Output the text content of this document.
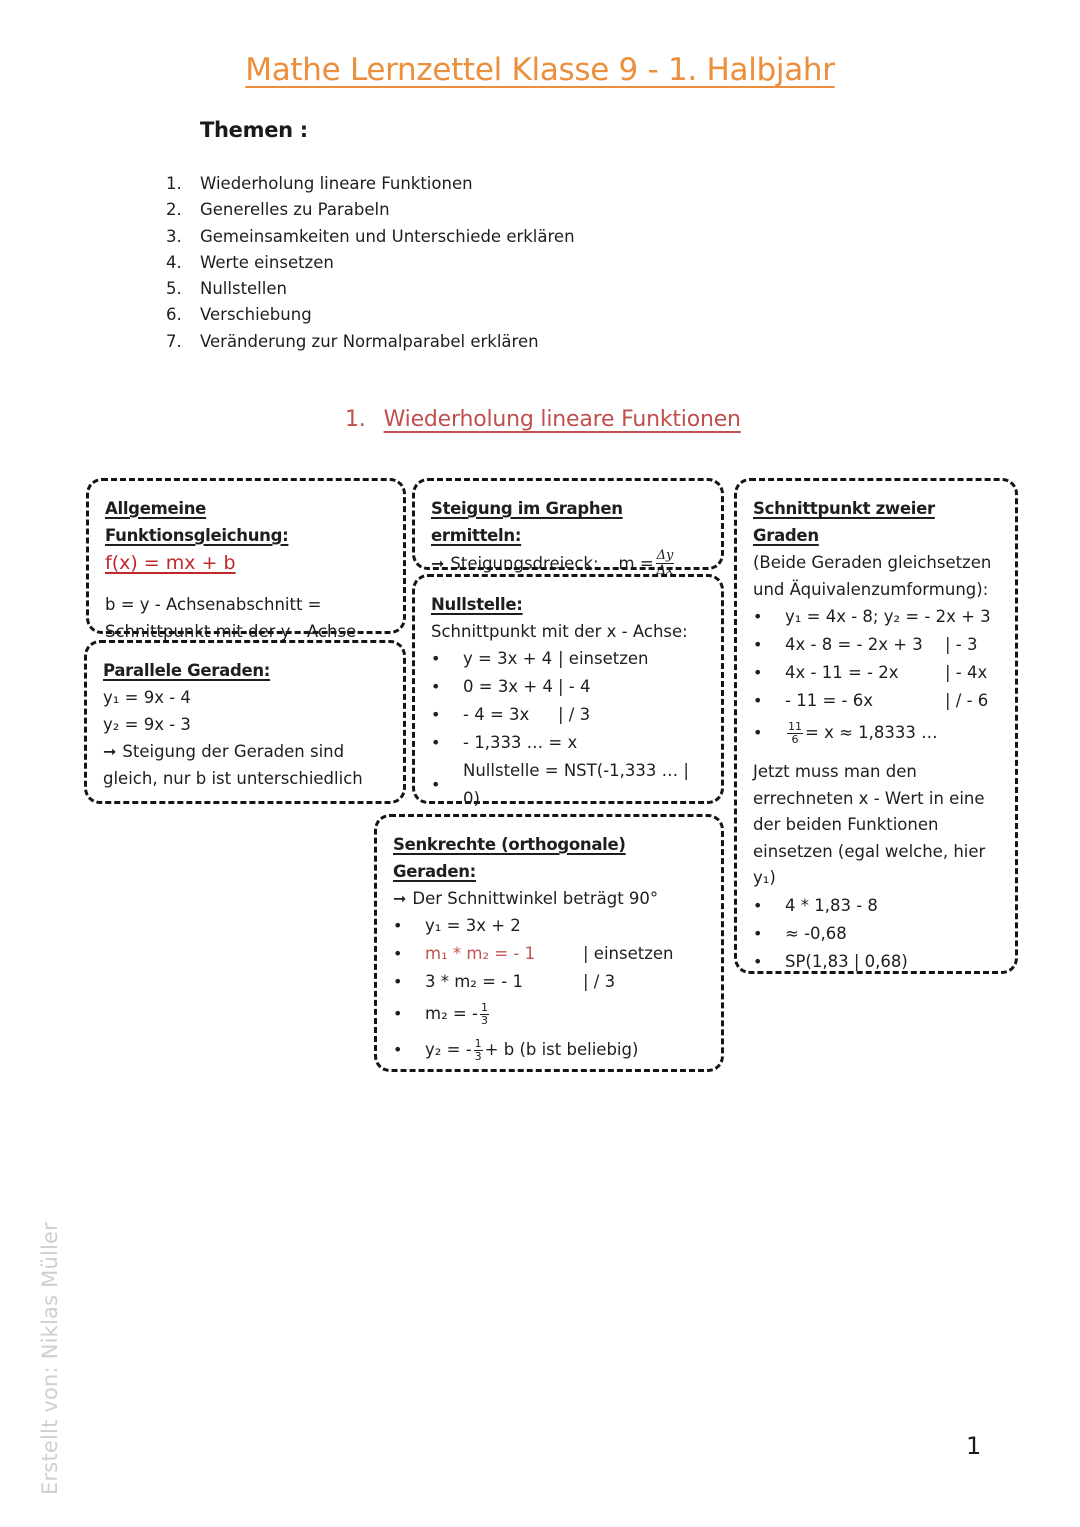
Mathe Lernzettel Klasse 9 - 1. Halbjahr
Themen :
1.	Wiederholung lineare Funktionen
2.	Generelles zu Parabeln
3.	Gemeinsamkeiten und Unterschiede erklären
4.	Werte einsetzen
5.	Nullstellen
6.	Verschiebung
7.	Veränderung zur Normalparabel erklären
1. Wiederholung lineare Funktionen
Allgemeine Funktionsgleichung:
f(x) = mx + b
b = y - Achsenabschnitt =
Schnittpunkt mit der y - Achse
Parallele Geraden:
y₁ = 9x - 4
y₂ = 9x - 3
➞ Steigung der Geraden sind
gleich, nur b ist unterschiedlich
Steigung im Graphen ermitteln:
➞ Steigungsdreieck: $m = \frac{\Delta y}{\Delta x}$
Nullstelle:
Schnittpunkt mit der x - Achse:
•	y = 3x + 4 | einsetzen
•	0 = 3x + 4 | - 4
•	- 4 = 3x | / 3
•	- 1,333 … = x
•
Nullstelle = NST(-1,333 … | 0)
Senkrechte (orthogonale) Geraden:
➞ Der Schnittwinkel beträgt 90°
•	y₁ = 3x + 2
•	m₁ * m₂ = - 1	| einsetzen
•	3 * m₂ = - 1	| / 3
•	m₂ = - $\frac{1}{3}$
•	y₂ = - $\frac{1}{3} + b$ (b ist beliebig)
Schnittpunkt zweier Graden
(Beide Geraden gleichsetzen
und Äquivalenzumformung):
•	y₁ = 4x - 8; y₂ = - 2x + 3
•	4x - 8 = - 2x + 3 | - 3
•	4x - 11 = - 2x	| - 4x
•	- 11 = - 6x	| / - 6
•	$\frac{11}{6} = x \approx 1,8333$ …
Jetzt muss man den
errechneten x - Wert in eine
der beiden Funktionen
einsetzen (egal welche, hier
y₁)
•	4 * 1,83 - 8
•	≈ -0,68
•	SP(1,83 | 0,68)
Erstellt von: Niklas Müller	1
